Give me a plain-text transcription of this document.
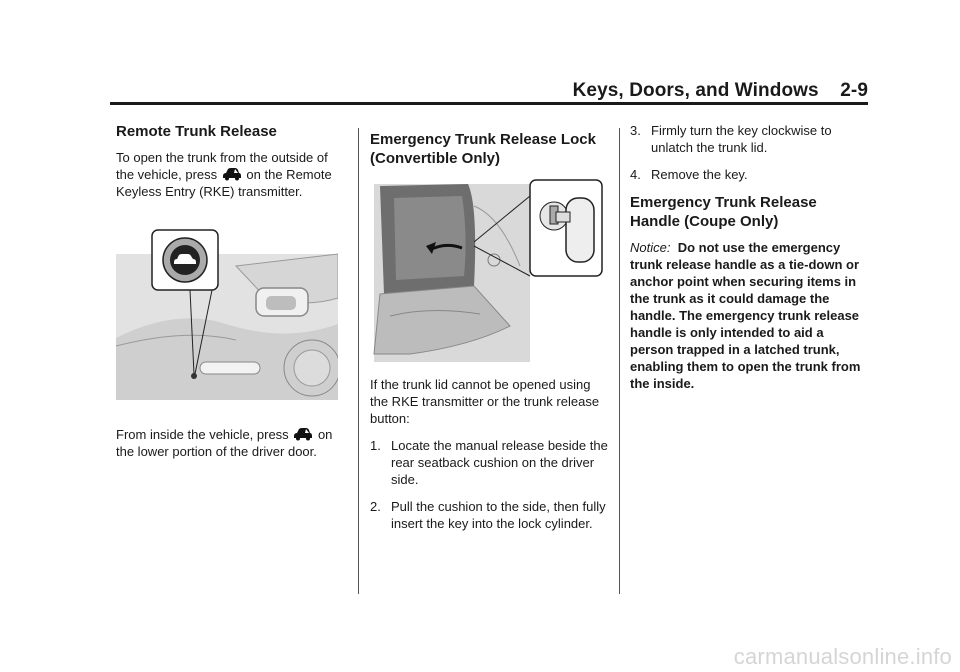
Keys, Doors, and Windows 2-9
Remote Trunk Release

To open the trunk from the outside of the vehicle, press on the Remote Keyless Entry (RKE) transmitter.

From inside the vehicle, press on the lower portion of the driver door.

Emergency Trunk Release Lock (Convertible Only)

If the trunk lid cannot be opened using the RKE transmitter or the trunk release button:

1. Locate the manual release beside the rear seatback cushion on the driver side.
2. Pull the cushion to the side, then fully insert the key into the lock cylinder.
3. Firmly turn the key clockwise to unlatch the trunk lid.
4. Remove the key.
Emergency Trunk Release Handle (Coupe Only)

Notice: Do not use the emergency trunk release handle as a tie-down or anchor point when securing items in the trunk as it could damage the handle. The emergency trunk release handle is only intended to aid a person trapped in a latched trunk, enabling them to open the trunk from the inside.

carmanualsonline.info
